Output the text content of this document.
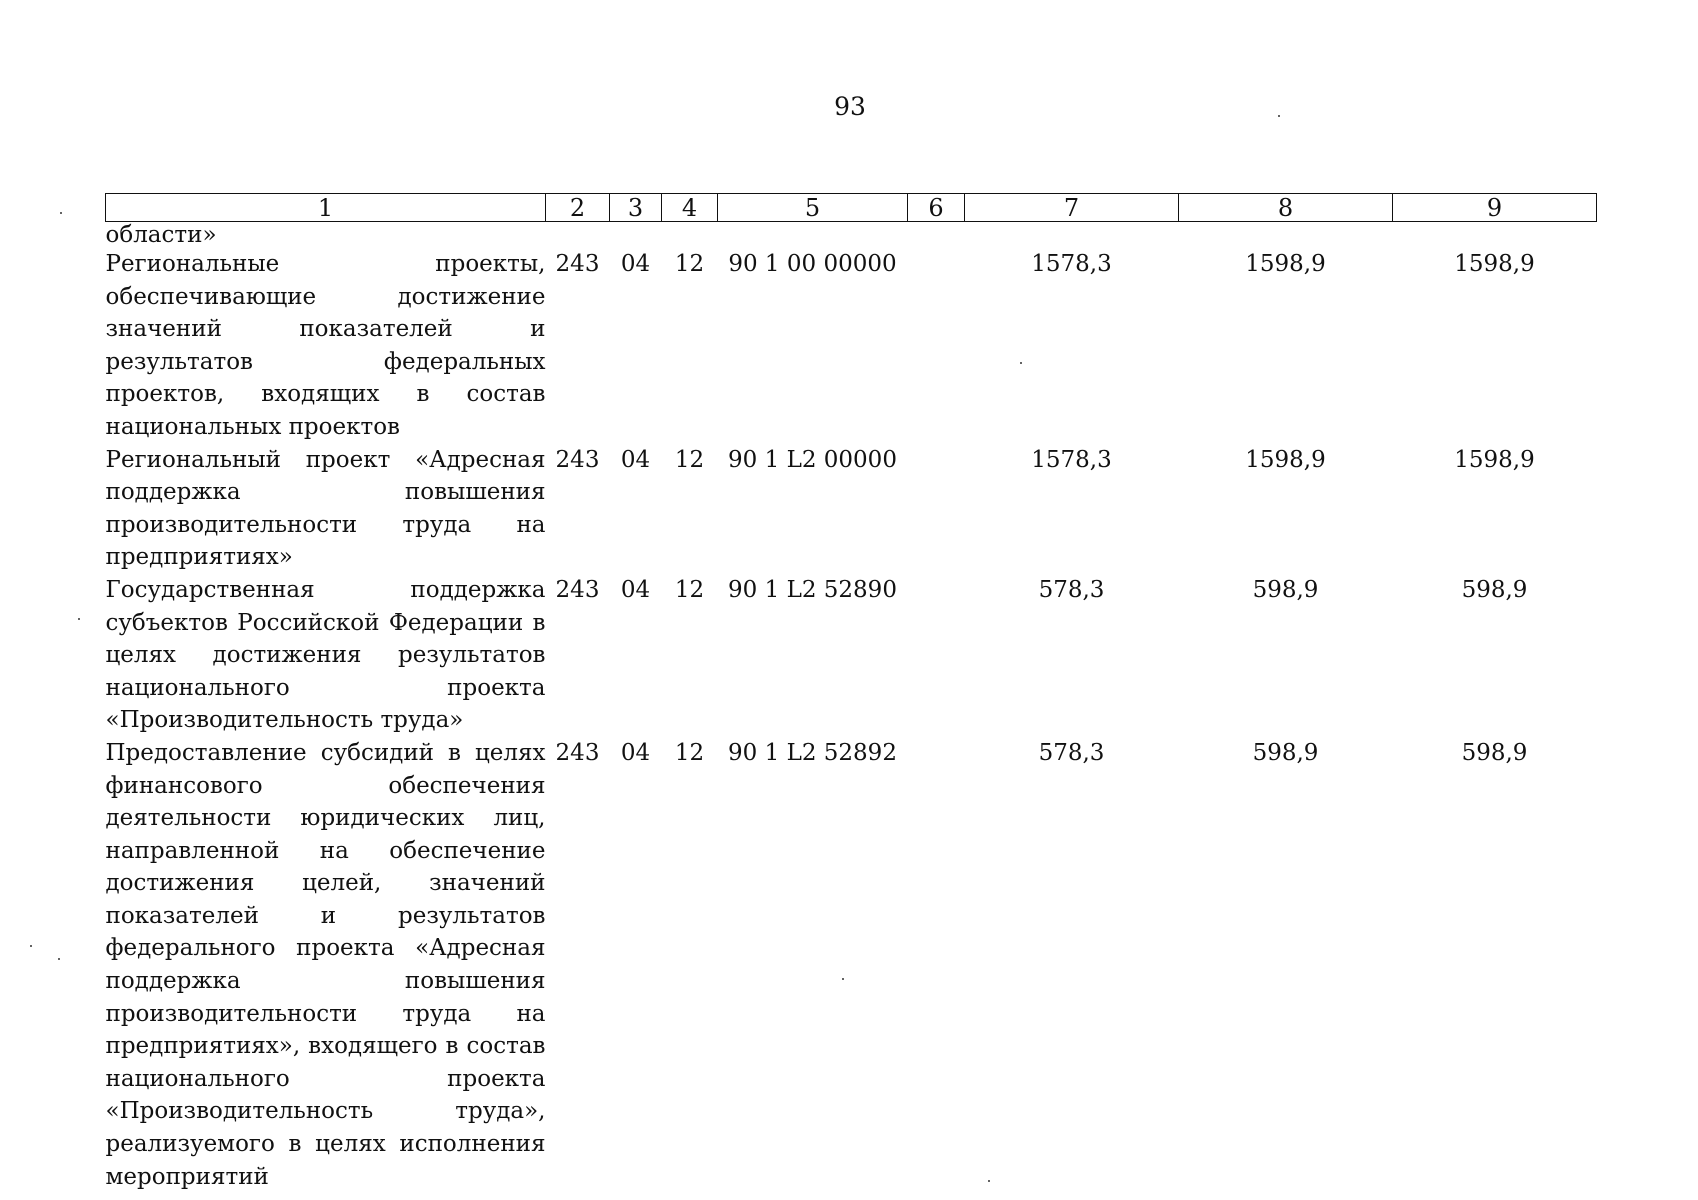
93
1	2	3	4	5	6	7	8	9
области»								
Региональные проекты, обеспечивающие достижение значений показателей и результатов федеральных проектов, входящих в состав национальных проектов	243	04	12	90 1 00 00000		1578,3	1598,9	1598,9
Региональный проект «Адресная поддержка повышения производительности труда на предприятиях»	243	04	12	90 1 L2 00000		1578,3	1598,9	1598,9
Государственная поддержка субъектов Российской Федерации в целях достижения результатов национального проекта «Производительность труда»	243	04	12	90 1 L2 52890		578,3	598,9	598,9
Предоставление субсидий в целях финансового обеспечения деятельности юридических лиц, направленной на обеспечение достижения целей, значений показателей и результатов федерального проекта «Адресная поддержка повышения производительности труда на предприятиях», входящего в состав национального проекта «Производительность труда», реализуемого в целях исполнения мероприятий	243	04	12	90 1 L2 52892		578,3	598,9	598,9
